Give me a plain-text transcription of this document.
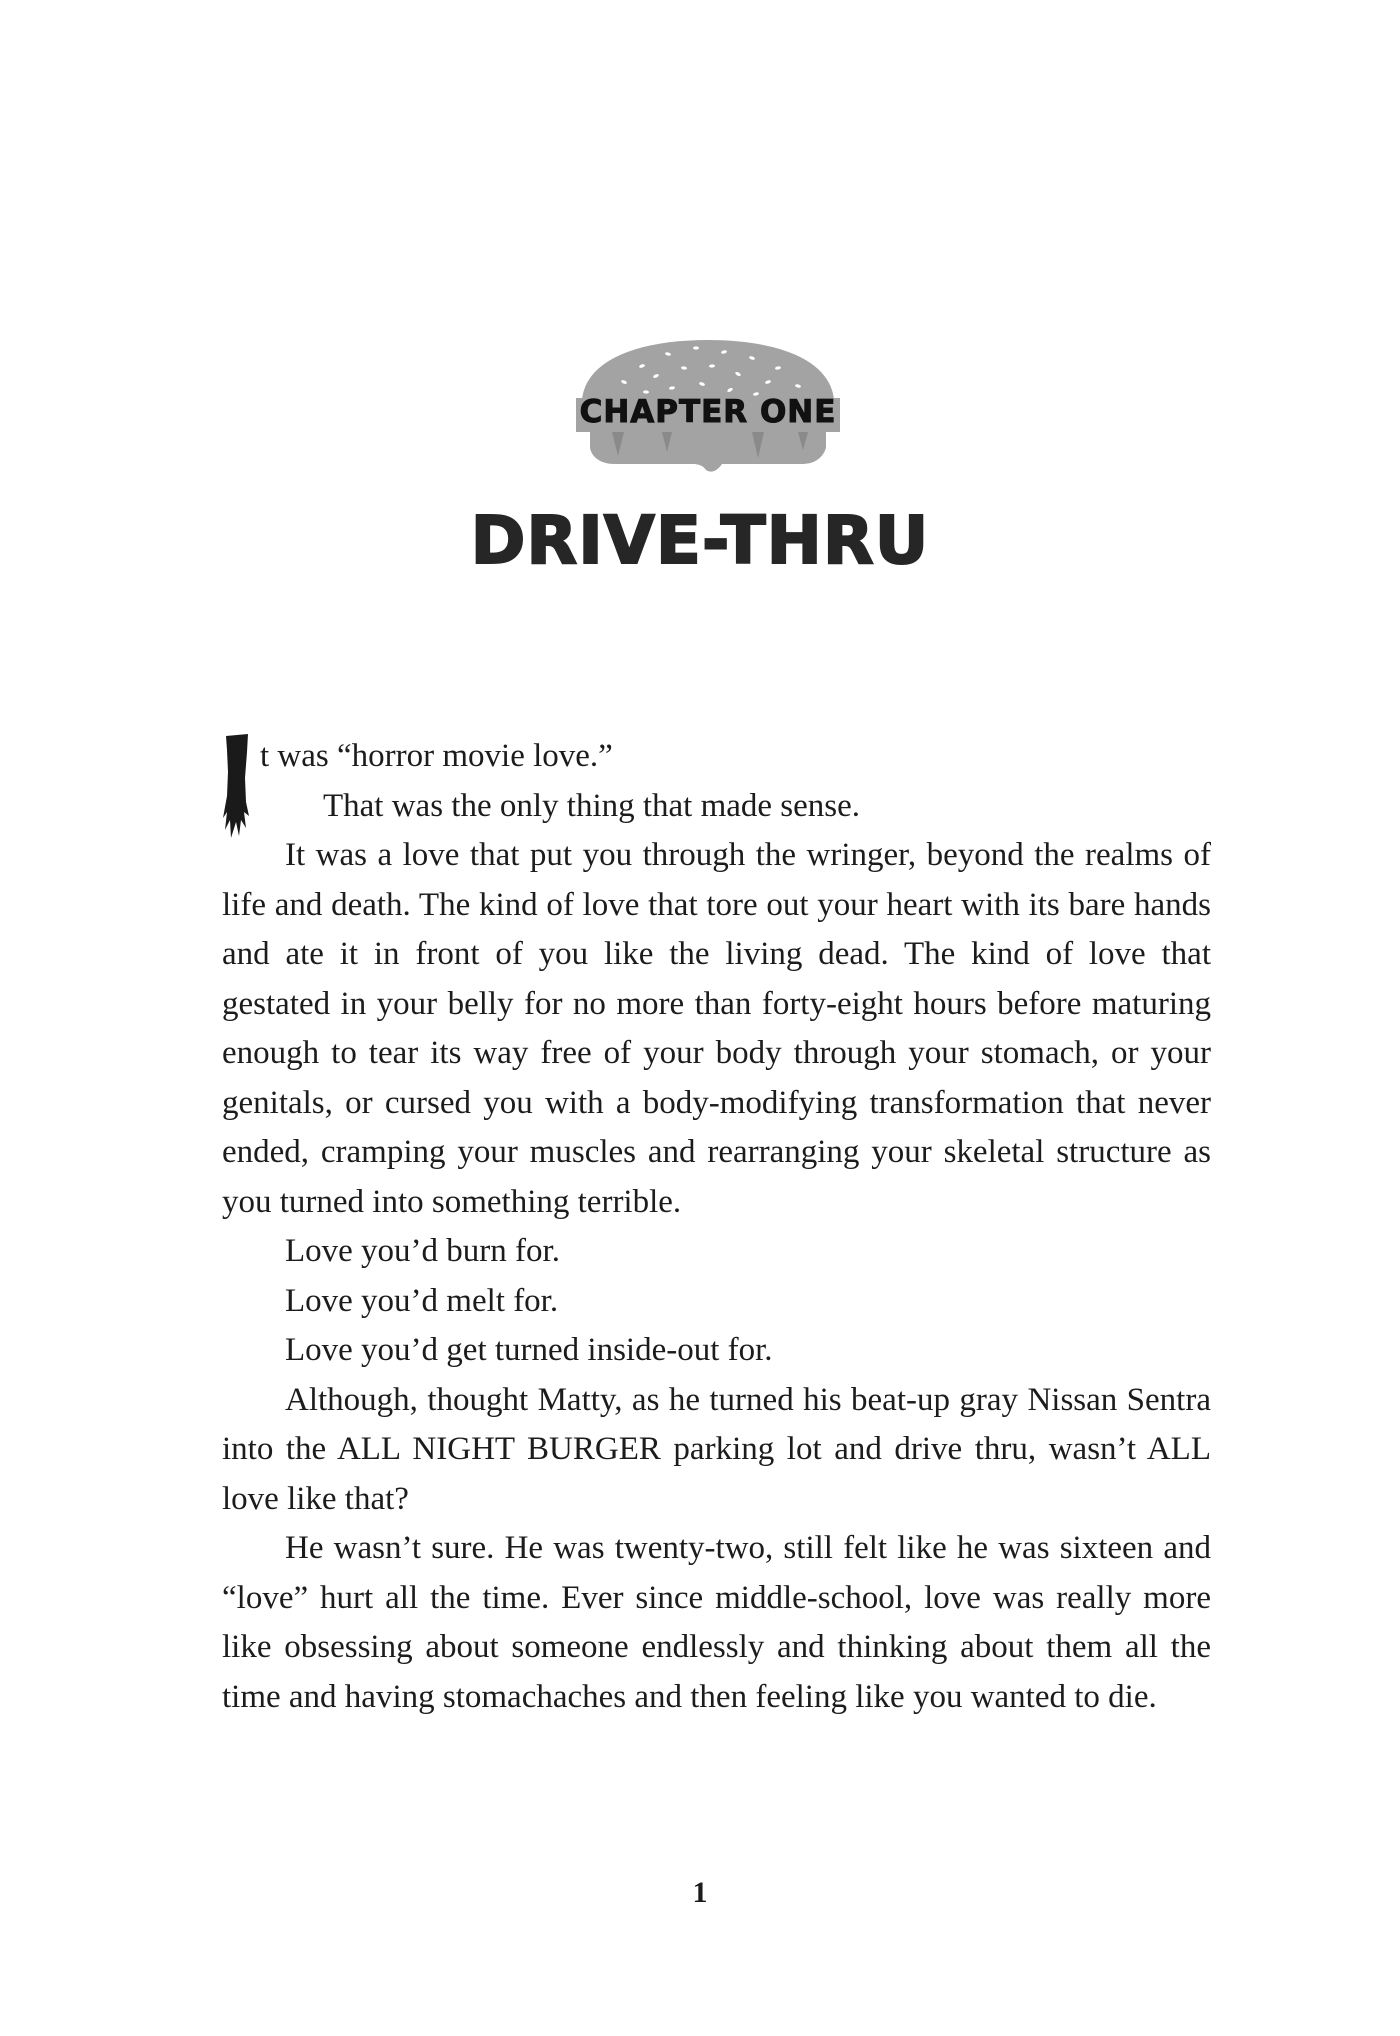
CHAPTER ONE
DRIVE-THRU

t was “horror movie love.”

That was the only thing that made sense.

It was a love that put you through the wringer, beyond the realms of life and death. The kind of love that tore out your heart with its bare hands and ate it in front of you like the living dead. The kind of love that gestated in your belly for no more than forty-eight hours before maturing enough to tear its way free of your body through your stomach, or your genitals, or cursed you with a body-modifying transformation that never ended, cramping your muscles and rearranging your skeletal structure as you turned into something terrible.

Love you’d burn for.

Love you’d melt for.

Love you’d get turned inside-out for.

Although, thought Matty, as he turned his beat-up gray Nissan Sentra into the ALL NIGHT BURGER parking lot and drive thru, wasn’t ALL love like that?

He wasn’t sure. He was twenty-two, still felt like he was sixteen and “love” hurt all the time. Ever since middle-school, love was really more like obsessing about someone endlessly and thinking about them all the time and having stomachaches and then feeling like you wanted to die.

1
